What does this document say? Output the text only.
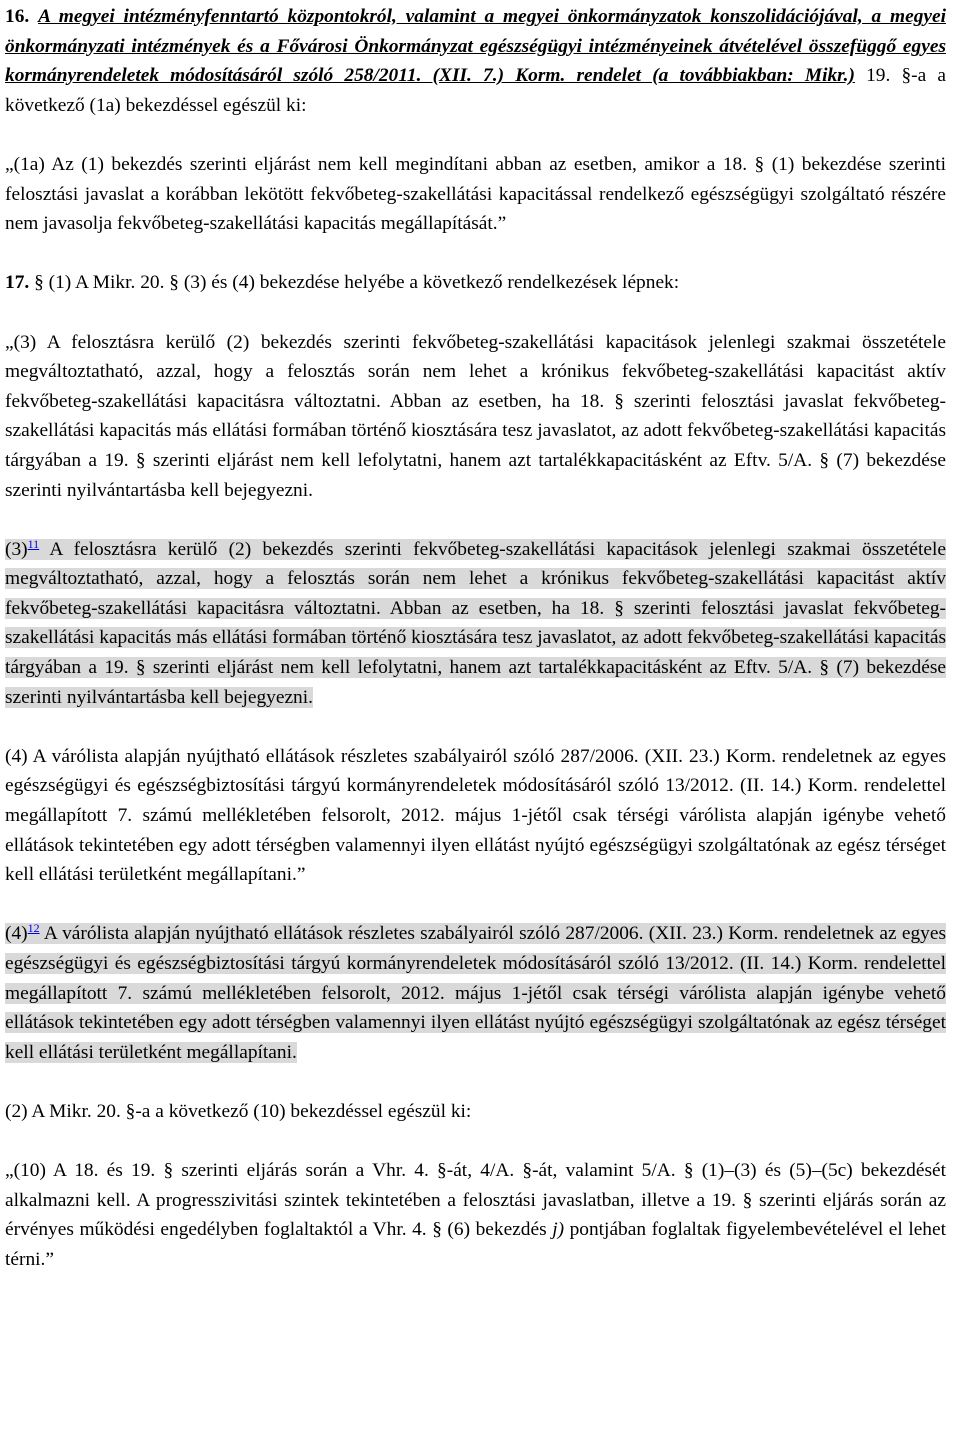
16. A megyei intézményfenntartó központokról, valamint a megyei önkormányzatok konszolidációjával, a megyei önkormányzati intézmények és a Fővárosi Önkormányzat egészségügyi intézményeinek átvételével összefüggő egyes kormányrendeletek módosításáról szóló 258/2011. (XII. 7.) Korm. rendelet (a továbbiakban: Mikr.) 19. §-a a következő (1a) bekezdéssel egészül ki:

„(1a) Az (1) bekezdés szerinti eljárást nem kell megindítani abban az esetben, amikor a 18. § (1) bekezdése szerinti felosztási javaslat a korábban lekötött fekvőbeteg-szakellátási kapacitással rendelkező egészségügyi szolgáltató részére nem javasolja fekvőbeteg-szakellátási kapacitás megállapítását.”

17. § (1) A Mikr. 20. § (3) és (4) bekezdése helyébe a következő rendelkezések lépnek:

„(3) A felosztásra kerülő (2) bekezdés szerinti fekvőbeteg-szakellátási kapacitások jelenlegi szakmai összetétele megváltoztatható, azzal, hogy a felosztás során nem lehet a krónikus fekvőbeteg-szakellátási kapacitást aktív fekvőbeteg-szakellátási kapacitásra változtatni. Abban az esetben, ha 18. § szerinti felosztási javaslat fekvőbeteg-szakellátási kapacitás más ellátási formában történő kiosztására tesz javaslatot, az adott fekvőbeteg-szakellátási kapacitás tárgyában a 19. § szerinti eljárást nem kell lefolytatni, hanem azt tartalékkapacitásként az Eftv. 5/A. § (7) bekezdése szerinti nyilvántartásba kell bejegyezni.

(3)$^{11}$ A felosztásra kerülő (2) bekezdés szerinti fekvőbeteg-szakellátási kapacitások jelenlegi szakmai összetétele megváltoztatható, azzal, hogy a felosztás során nem lehet a krónikus fekvőbeteg-szakellátási kapacitást aktív fekvőbeteg-szakellátási kapacitásra változtatni. Abban az esetben, ha 18. § szerinti felosztási javaslat fekvőbeteg-szakellátási kapacitás más ellátási formában történő kiosztására tesz javaslatot, az adott fekvőbeteg-szakellátási kapacitás tárgyában a 19. § szerinti eljárást nem kell lefolytatni, hanem azt tartalékkapacitásként az Eftv. 5/A. § (7) bekezdése szerinti nyilvántartásba kell bejegyezni.

(4) A várólista alapján nyújtható ellátások részletes szabályairól szóló 287/2006. (XII. 23.) Korm. rendeletnek az egyes egészségügyi és egészségbiztosítási tárgyú kormányrendeletek módosításáról szóló 13/2012. (II. 14.) Korm. rendelettel megállapított 7. számú mellékletében felsorolt, 2012. május 1-jétől csak térségi várólista alapján igénybe vehető ellátások tekintetében egy adott térségben valamennyi ilyen ellátást nyújtó egészségügyi szolgáltatónak az egész térséget kell ellátási területként megállapítani.”

(4)$^{12}$ A várólista alapján nyújtható ellátások részletes szabályairól szóló 287/2006. (XII. 23.) Korm. rendeletnek az egyes egészségügyi és egészségbiztosítási tárgyú kormányrendeletek módosításáról szóló 13/2012. (II. 14.) Korm. rendelettel megállapított 7. számú mellékletében felsorolt, 2012. május 1-jétől csak térségi várólista alapján igénybe vehető ellátások tekintetében egy adott térségben valamennyi ilyen ellátást nyújtó egészségügyi szolgáltatónak az egész térséget kell ellátási területként megállapítani.

(2) A Mikr. 20. §-a a következő (10) bekezdéssel egészül ki:

„(10) A 18. és 19. § szerinti eljárás során a Vhr. 4. §-át, 4/A. §-át, valamint 5/A. § (1)–(3) és (5)–(5c) bekezdését alkalmazni kell. A progresszivitási szintek tekintetében a felosztási javaslatban, illetve a 19. § szerinti eljárás során az érvényes működési engedélyben foglaltaktól a Vhr. 4. § (6) bekezdés j) pontjában foglaltak figyelembevételével el lehet térni.”
